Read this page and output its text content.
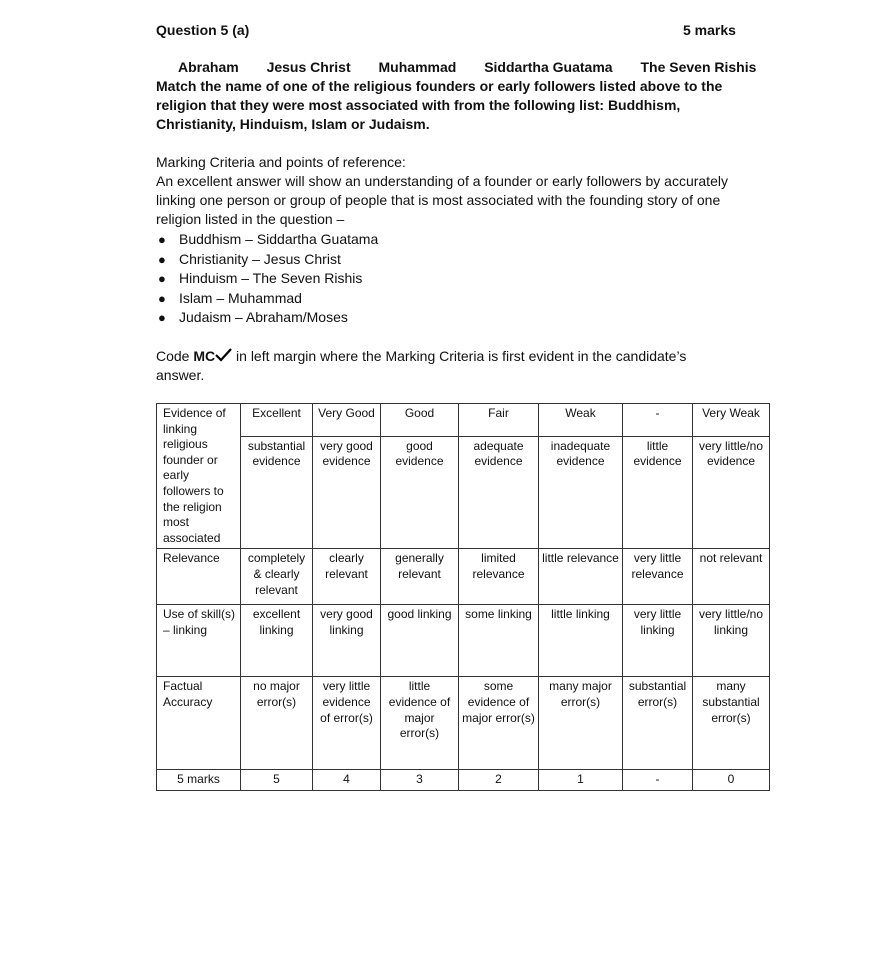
Question 5 (a)	5 marks
Abraham Jesus Christ Muhammad Siddartha Guatama The Seven Rishis
Match the name of one of the religious founders or early followers listed above to the religion that they were most associated with from the following list: Buddhism, Christianity, Hinduism, Islam or Judaism.

Marking Criteria and points of reference:

An excellent answer will show an understanding of a founder or early followers by accurately linking one person or group of people that is most associated with the founding story of one religion listed in the question –

● Buddhism – Siddartha Guatama
● Christianity – Jesus Christ
● Hinduism – The Seven Rishis
● Islam – Muhammad
● Judaism – Abraham/Moses
Code MC in left margin where the Marking Criteria is first evident in the candidate’s answer.
Evidence of linking religious founder or early followers to the religion most associated	Excellent	Very Good	Good	Fair	Weak	-	Very Weak
	substantial evidence	very good evidence	good evidence	adequate evidence	inadequate evidence	little evidence	very little/no evidence
Relevance	completely & clearly relevant	clearly relevant	generally relevant	limited relevance	little relevance	very little relevance	not relevant
Use of skill(s) – linking	excellent linking	very good linking	good linking	some linking	little linking	very little linking	very little/no linking
Factual Accuracy	no major error(s)	very little evidence of error(s)	little evidence of major error(s)	some evidence of major error(s)	many major error(s)	substantial error(s)	many substantial error(s)
5 marks	5	4	3	2	1	-	0
